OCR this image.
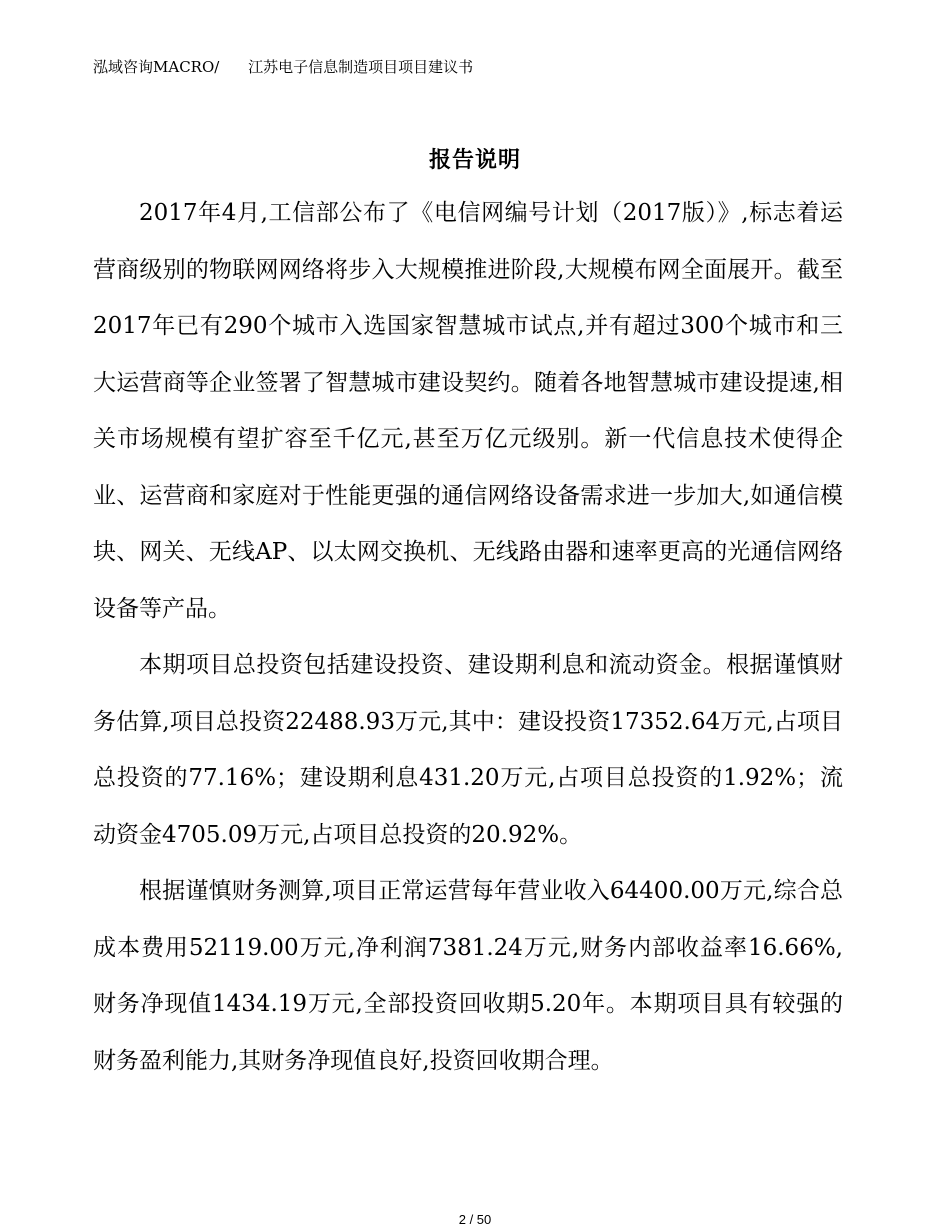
泓域咨询MACRO/ 江苏电子信息制造项目项目建议书
报告说明

2017年4月,工信部公布了《电信网编号计划（2017版）》,标志着运营商级别的物联网网络将步入大规模推进阶段,大规模布网全面展开。截至2017年已有290个城市入选国家智慧城市试点,并有超过300个城市和三大运营商等企业签署了智慧城市建设契约。随着各地智慧城市建设提速,相关市场规模有望扩容至千亿元,甚至万亿元级别。新一代信息技术使得企业、运营商和家庭对于性能更强的通信网络设备需求进一步加大,如通信模块、网关、无线AP、以太网交换机、无线路由器和速率更高的光通信网络设备等产品。

本期项目总投资包括建设投资、建设期利息和流动资金。根据谨慎财务估算,项目总投资22488.93万元,其中：建设投资17352.64万元,占项目总投资的77.16%；建设期利息431.20万元,占项目总投资的1.92%；流动资金4705.09万元,占项目总投资的20.92%。

根据谨慎财务测算,项目正常运营每年营业收入64400.00万元,综合总成本费用52119.00万元,净利润7381.24万元,财务内部收益率16.66%,财务净现值1434.19万元,全部投资回收期5.20年。本期项目具有较强的财务盈利能力,其财务净现值良好,投资回收期合理。

2 / 50
